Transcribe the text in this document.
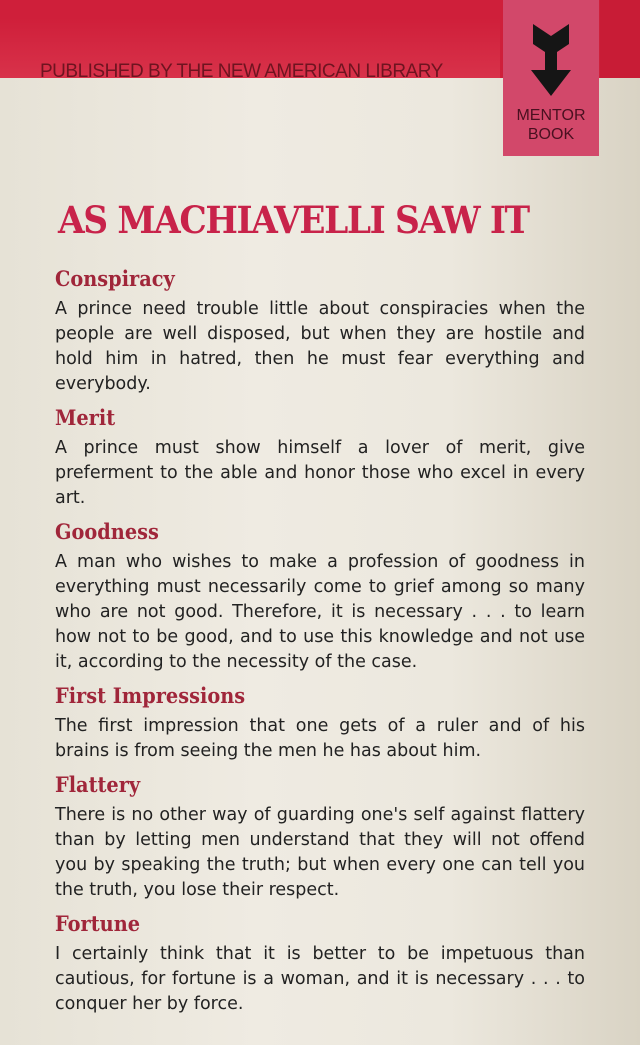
PUBLISHED BY THE NEW AMERICAN LIBRARY
MENTOR
BOOK
AS MACHIAVELLI SAW IT
Conspiracy

A prince need trouble little about conspiracies when the people are well disposed, but when they are hostile and hold him in hatred, then he must fear everything and everybody.

Merit

A prince must show himself a lover of merit, give preferment to the able and honor those who excel in every art.

Goodness

A man who wishes to make a profession of goodness in everything must necessarily come to grief among so many who are not good. Therefore, it is necessary . . . to learn how not to be good, and to use this knowledge and not use it, according to the necessity of the case.

First Impressions

The first impression that one gets of a ruler and of his brains is from seeing the men he has about him.

Flattery

There is no other way of guarding one's self against flattery than by letting men understand that they will not offend you by speaking the truth; but when every one can tell you the truth, you lose their respect.

Fortune

I certainly think that it is better to be impetuous than cautious, for fortune is a woman, and it is necessary . . . to conquer her by force.
